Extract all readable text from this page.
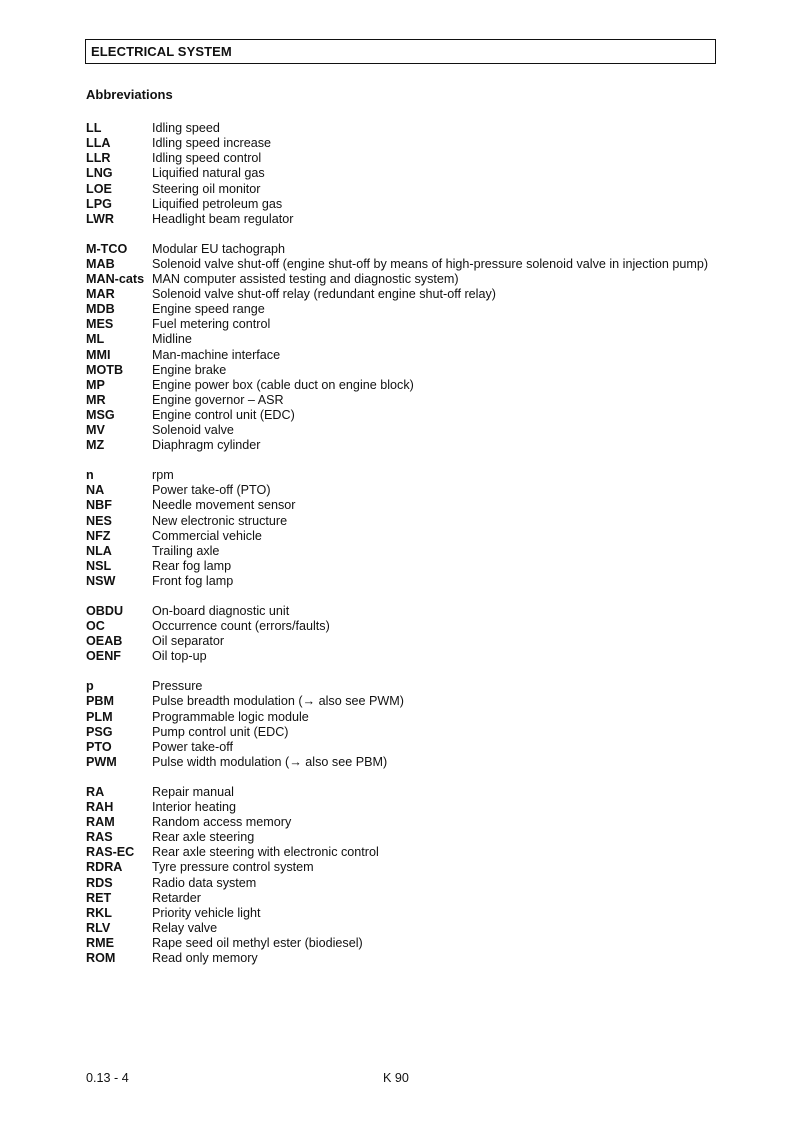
ELECTRICAL SYSTEM
Abbreviations
LL	Idling speed
LLA	Idling speed increase
LLR	Idling speed control
LNG	Liquified natural gas
LOE	Steering oil monitor
LPG	Liquified petroleum gas
LWR	Headlight beam regulator
M-TCO	Modular EU tachograph
MAB	Solenoid valve shut-off (engine shut-off by means of high-pressure solenoid valve in injection pump)
MAN-cats MAN computer assisted testing and diagnostic system)
MAR	Solenoid valve shut-off relay (redundant engine shut-off relay)
MDB	Engine speed range
MES	Fuel metering control
ML	Midline
MMI	Man-machine interface
MOTB	Engine brake
MP	Engine power box (cable duct on engine block)
MR	Engine governor – ASR
MSG	Engine control unit (EDC)
MV	Solenoid valve
MZ	Diaphragm cylinder
n	rpm
NA	Power take-off (PTO)
NBF	Needle movement sensor
NES	New electronic structure
NFZ	Commercial vehicle
NLA	Trailing axle
NSL	Rear fog lamp
NSW	Front fog lamp
OBDU	On-board diagnostic unit
OC	Occurrence count (errors/faults)
OEAB	Oil separator
OENF	Oil top-up
p	Pressure
PBM	Pulse breadth modulation (→ also see PWM)
PLM	Programmable logic module
PSG	Pump control unit (EDC)
PTO	Power take-off
PWM	Pulse width modulation (→ also see PBM)
RA	Repair manual
RAH	Interior heating
RAM	Random access memory
RAS	Rear axle steering
RAS-EC	Rear axle steering with electronic control
RDRA	Tyre pressure control system
RDS	Radio data system
RET	Retarder
RKL	Priority vehicle light
RLV	Relay valve
RME	Rape seed oil methyl ester (biodiesel)
ROM	Read only memory
0.13 - 4	K 90
